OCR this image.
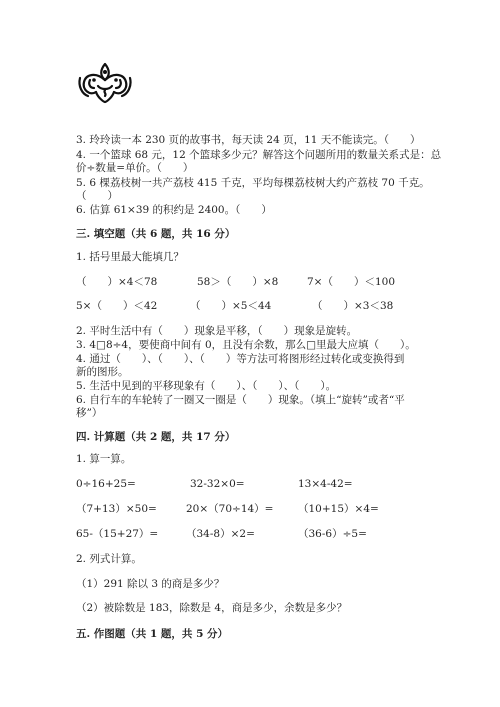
3. 玲玲读一本 230 页的故事书，每天读 24 页，11 天不能读完。（　　）
4. 一个篮球 68 元，12 个篮球多少元？解答这个问题所用的数量关系式是：总
价÷数量=单价。（　　）
5. 6 棵荔枝树一共产荔枝 415 千克，平均每棵荔枝树大约产荔枝 70 千克。
（　　）
6. 估算 61×39 的积约是 2400。（　　）
三. 填空题（共 6 题，共 16 分）
1. 括号里最大能填几？
（　　）×4＜78	58＞（　　）×8	7×（　　）＜100
5×（　　）＜42	（　　）×5＜44	（　　）×3＜38
2. 平时生活中有（　　）现象是平移，（　　）现象是旋转。
3. 4□8÷4，要使商中间有 0，且没有余数，那么□里最大应填（　　）。
4. 通过（　　）、（　　）、（　　）等方法可将图形经过转化或变换得到
新的图形。
5. 生活中见到的平移现象有（　　）、（　　）、（　　）。
6. 自行车的车轮转了一圈又一圈是（　　）现象。（填上“旋转”或者“平
移”）
四. 计算题（共 2 题，共 17 分）
1. 算一算。
0÷16+25=	32-32×0=	13×4-42=
（7+13）×50=	20×（70÷14）= （10+15）×4=
65-（15+27）=	（34-8）×2=	（36-6）÷5=
2. 列式计算。
（1）291 除以 3 的商是多少？
（2）被除数是 183，除数是 4，商是多少，余数是多少？
五. 作图题（共 1 题，共 5 分）
